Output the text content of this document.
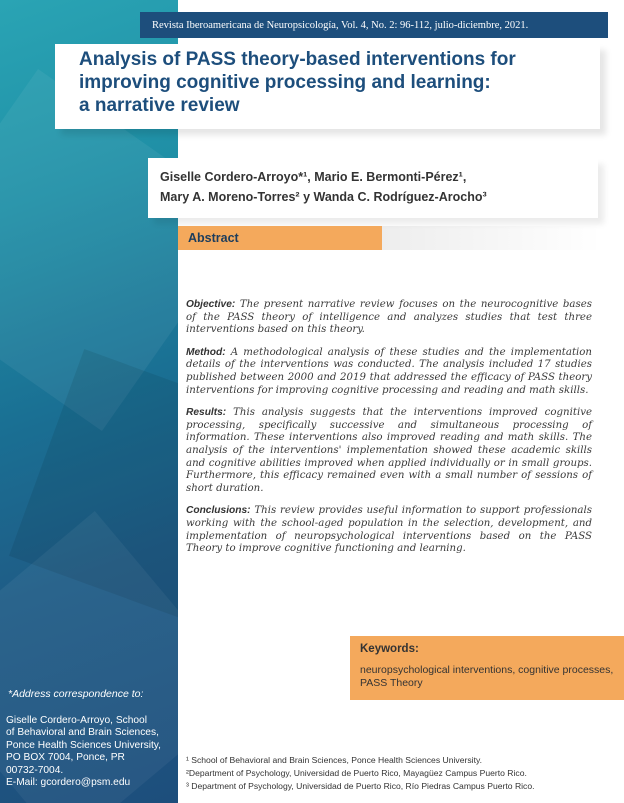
Revista Iberoamericana de Neuropsicología, Vol. 4, No. 2: 96-112, julio-diciembre, 2021.
Analysis of PASS theory-based interventions for
improving cognitive processing and learning:
a narrative review

Giselle Cordero-Arroyo*¹, Mario E. Bermonti-Pérez¹,

Mary A. Moreno-Torres² y Wanda C. Rodríguez-Arocho³

Abstract

Objective: The present narrative review focuses on the neurocognitive bases of the PASS theory of intelligence and analyzes studies that test three interventions based on this theory.

Method: A methodological analysis of these studies and the implementation details of the interventions was conducted. The analysis included 17 studies published between 2000 and 2019 that addressed the efficacy of PASS theory interventions for improving cognitive processing and reading and math skills.

Results: This analysis suggests that the interventions improved cognitive processing, specifically successive and simultaneous processing of information. These interventions also improved reading and math skills. The analysis of the interventions' implementation showed these academic skills and cognitive abilities improved when applied individually or in small groups. Furthermore, this efficacy remained even with a small number of sessions of short duration.

Conclusions: This review provides useful information to support professionals working with the school-aged population in the selection, development, and implementation of neuropsychological interventions based on the PASS Theory to improve cognitive functioning and learning.

Keywords:
neuropsychological interventions, cognitive processes, PASS Theory
*Address correspondence to:
Giselle Cordero-Arroyo, School
of Behavioral and Brain Sciences,
Ponce Health Sciences University,
PO BOX 7004, Ponce, PR
00732-7004.
E-Mail: gcordero@psm.edu
¹ School of Behavioral and Brain Sciences, Ponce Health Sciences University.
²Department of Psychology, Universidad de Puerto Rico, Mayagüez Campus Puerto Rico.
³ Department of Psychology, Universidad de Puerto Rico, Río Piedras Campus Puerto Rico.
